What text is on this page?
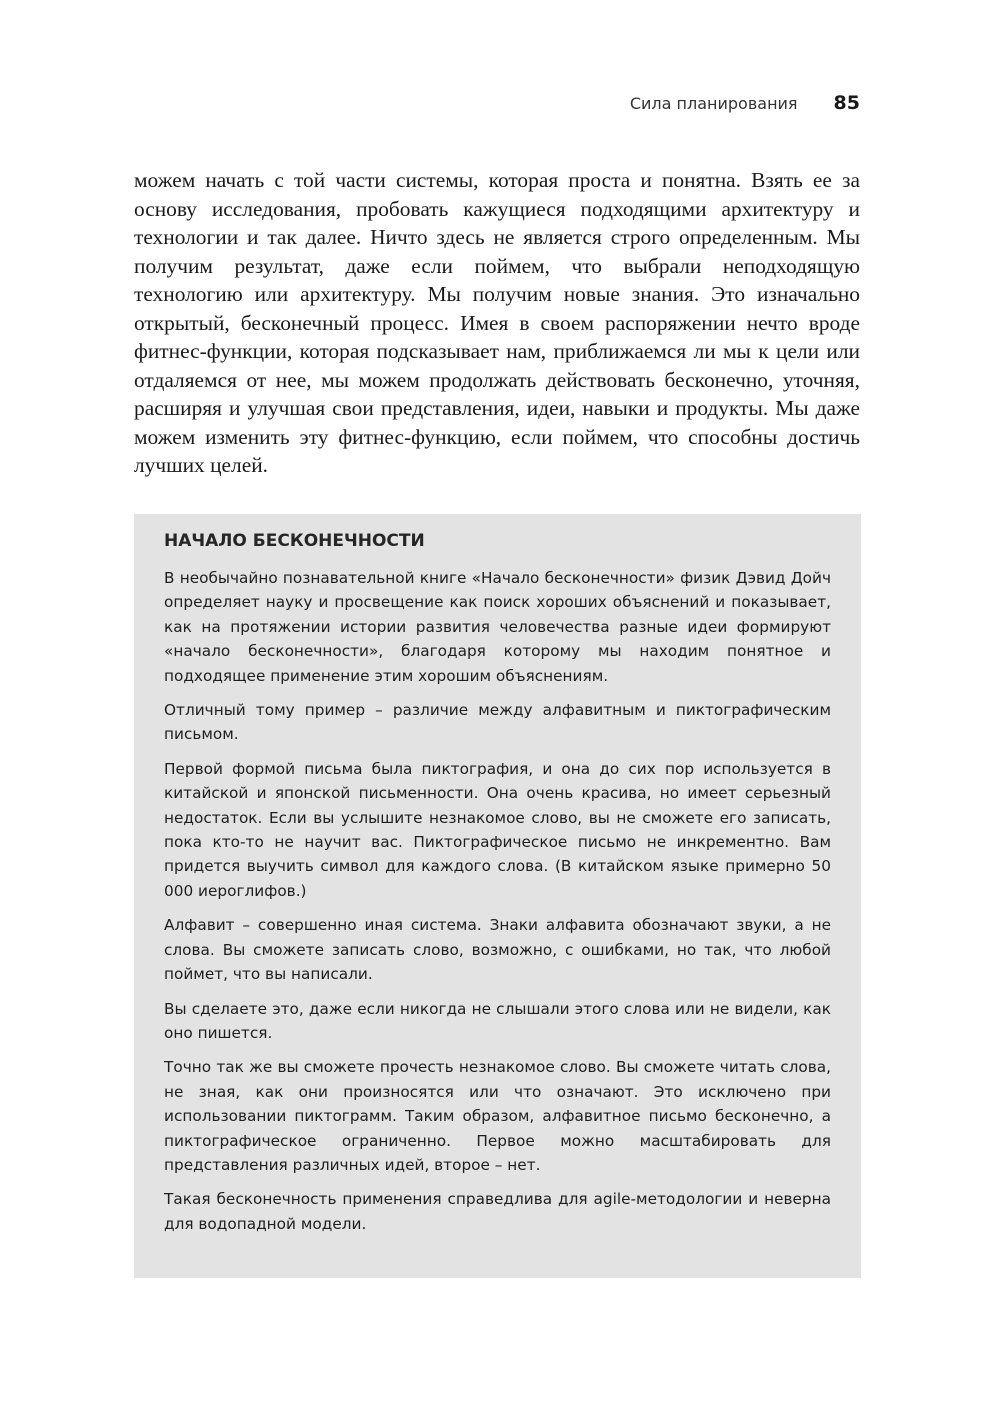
Сила планирования 85

можем начать с той части системы, которая проста и понятна. Взять ее за основу исследования, пробовать кажущиеся подходящими архитектуру и технологии и так далее. Ничто здесь не является строго определенным. Мы получим результат, даже если поймем, что выбрали неподходящую технологию или архитектуру. Мы получим новые знания. Это изначально открытый, бесконечный процесс. Имея в своем распоряжении нечто вроде фитнес-функции, которая подсказывает нам, приближаемся ли мы к цели или отдаляемся от нее, мы можем продолжать действовать бесконечно, уточняя, расширяя и улучшая свои представления, идеи, навыки и продукты. Мы даже можем изменить эту фитнес-функцию, если поймем, что способны достичь лучших целей.

НАЧАЛО БЕСКОНЕЧНОСТИ

В необычайно познавательной книге «Начало бесконечности» физик Дэвид Дойч определяет науку и просвещение как поиск хороших объяснений и показывает, как на протяжении истории развития человечества разные идеи формируют «начало бесконечности», благодаря которому мы находим понятное и подходящее применение этим хорошим объяснениям.

Отличный тому пример – различие между алфавитным и пиктографическим письмом.

Первой формой письма была пиктография, и она до сих пор используется в китайской и японской письменности. Она очень красива, но имеет серьезный недостаток. Если вы услышите незнакомое слово, вы не сможете его записать, пока кто-то не научит вас. Пиктографическое письмо не инкрементно. Вам придется выучить символ для каждого слова. (В китайском языке примерно 50 000 иероглифов.)

Алфавит – совершенно иная система. Знаки алфавита обозначают звуки, а не слова. Вы сможете записать слово, возможно, с ошибками, но так, что любой поймет, что вы написали.

Вы сделаете это, даже если никогда не слышали этого слова или не видели, как оно пишется.

Точно так же вы сможете прочесть незнакомое слово. Вы сможете читать слова, не зная, как они произносятся или что означают. Это исключено при использовании пиктограмм. Таким образом, алфавитное письмо бесконечно, а пиктографическое ограниченно. Первое можно масштабировать для представления различных идей, второе – нет.

Такая бесконечность применения справедлива для agile-методологии и неверна для водопадной модели.
